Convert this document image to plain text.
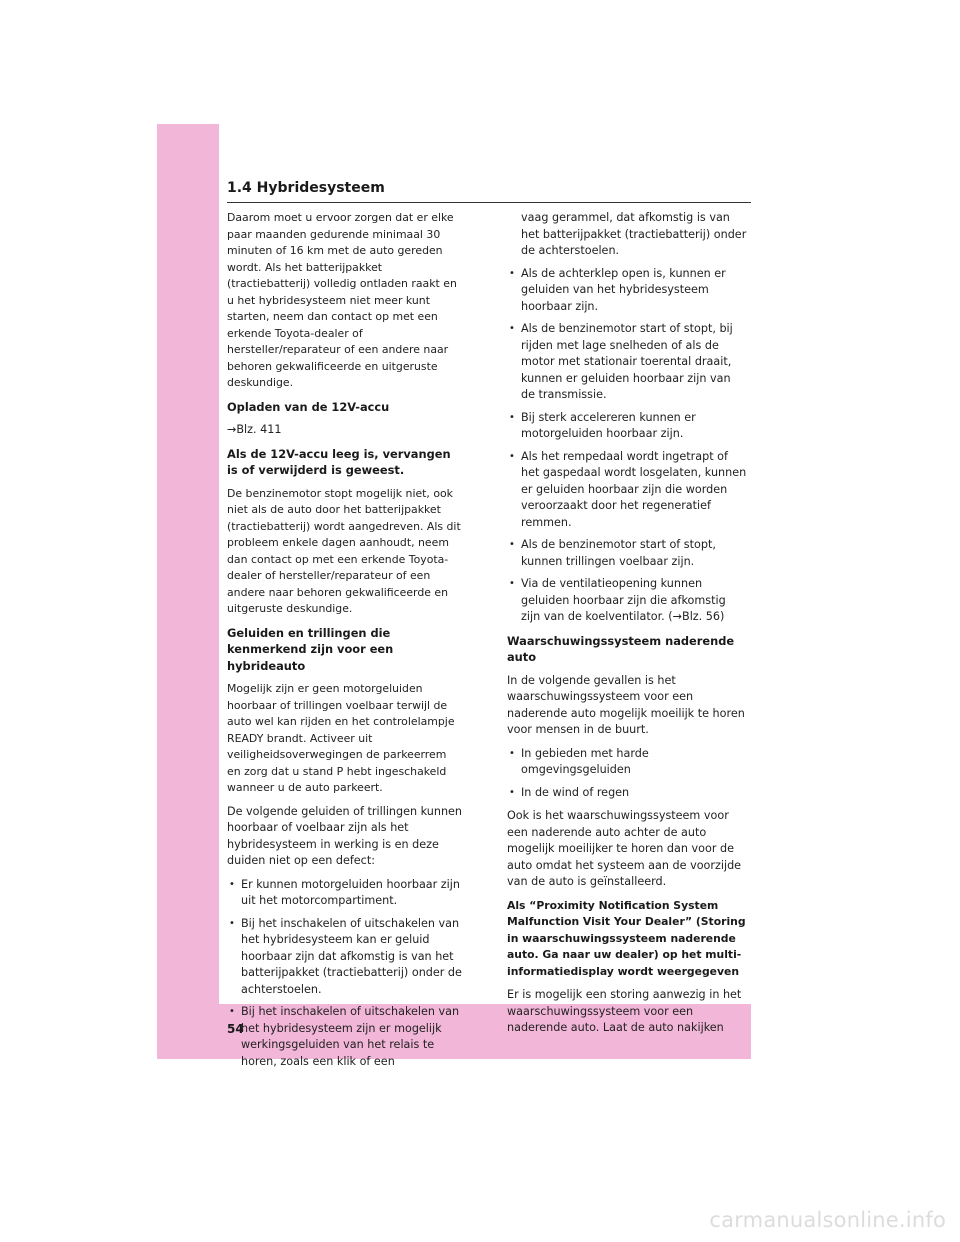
1.4 Hybridesysteem

Daarom moet u ervoor zorgen dat er elke paar maanden gedurende minimaal 30 minuten of 16 km met de auto gereden wordt. Als het batterijpakket (tractiebatterij) volledig ontladen raakt en u het hybridesysteem niet meer kunt starten, neem dan contact op met een erkende Toyota-dealer of hersteller/reparateur of een andere naar behoren gekwalificeerde en uitgeruste deskundige.

Opladen van de 12V-accu

→Blz. 411

Als de 12V-accu leeg is, vervangen is of verwijderd is geweest.

De benzinemotor stopt mogelijk niet, ook niet als de auto door het batterijpakket (tractiebatterij) wordt aangedreven. Als dit probleem enkele dagen aanhoudt, neem dan contact op met een erkende Toyota-dealer of hersteller/reparateur of een andere naar behoren gekwalificeerde en uitgeruste deskundige.

Geluiden en trillingen die kenmerkend zijn voor een hybrideauto

Mogelijk zijn er geen motorgeluiden hoorbaar of trillingen voelbaar terwijl de auto wel kan rijden en het controlelampje READY brandt. Activeer uit veiligheidsoverwegingen de parkeerrem en zorg dat u stand P hebt ingeschakeld wanneer u de auto parkeert.

De volgende geluiden of trillingen kunnen hoorbaar of voelbaar zijn als het hybridesysteem in werking is en deze duiden niet op een defect:

• Er kunnen motorgeluiden hoorbaar zijn uit het motorcompartiment.
• Bij het inschakelen of uitschakelen van het hybridesysteem kan er geluid hoorbaar zijn dat afkomstig is van het batterijpakket (tractiebatterij) onder de achterstoelen.
• Bij het inschakelen of uitschakelen van het hybridesysteem zijn er mogelijk werkingsgeluiden van het relais te horen, zoals een klik of een
vaag gerammel, dat afkomstig is van het batterijpakket (tractiebatterij) onder de achterstoelen.
• Als de achterklep open is, kunnen er geluiden van het hybridesysteem hoorbaar zijn.
• Als de benzinemotor start of stopt, bij rijden met lage snelheden of als de motor met stationair toerental draait, kunnen er geluiden hoorbaar zijn van de transmissie.
• Bij sterk accelereren kunnen er motorgeluiden hoorbaar zijn.
• Als het rempedaal wordt ingetrapt of het gaspedaal wordt losgelaten, kunnen er geluiden hoorbaar zijn die worden veroorzaakt door het regeneratief remmen.
• Als de benzinemotor start of stopt, kunnen trillingen voelbaar zijn.
• Via de ventilatieopening kunnen geluiden hoorbaar zijn die afkomstig zijn van de koelventilator. (→Blz. 56)
Waarschuwingssysteem naderende auto

In de volgende gevallen is het waarschuwingssysteem voor een naderende auto mogelijk moeilijk te horen voor mensen in de buurt.

• In gebieden met harde omgevingsgeluiden
• In de wind of regen

Ook is het waarschuwingssysteem voor een naderende auto achter de auto mogelijk moeilijker te horen dan voor de auto omdat het systeem aan de voorzijde van de auto is geïnstalleerd.

Als “Proximity Notification System Malfunction Visit Your Dealer” (Storing in waarschuwingssysteem naderende auto. Ga naar uw dealer) op het multi-informatiedisplay wordt weergegeven

Er is mogelijk een storing aanwezig in het waarschuwingssysteem voor een naderende auto. Laat de auto nakijken

54
carmanualsonline.info
